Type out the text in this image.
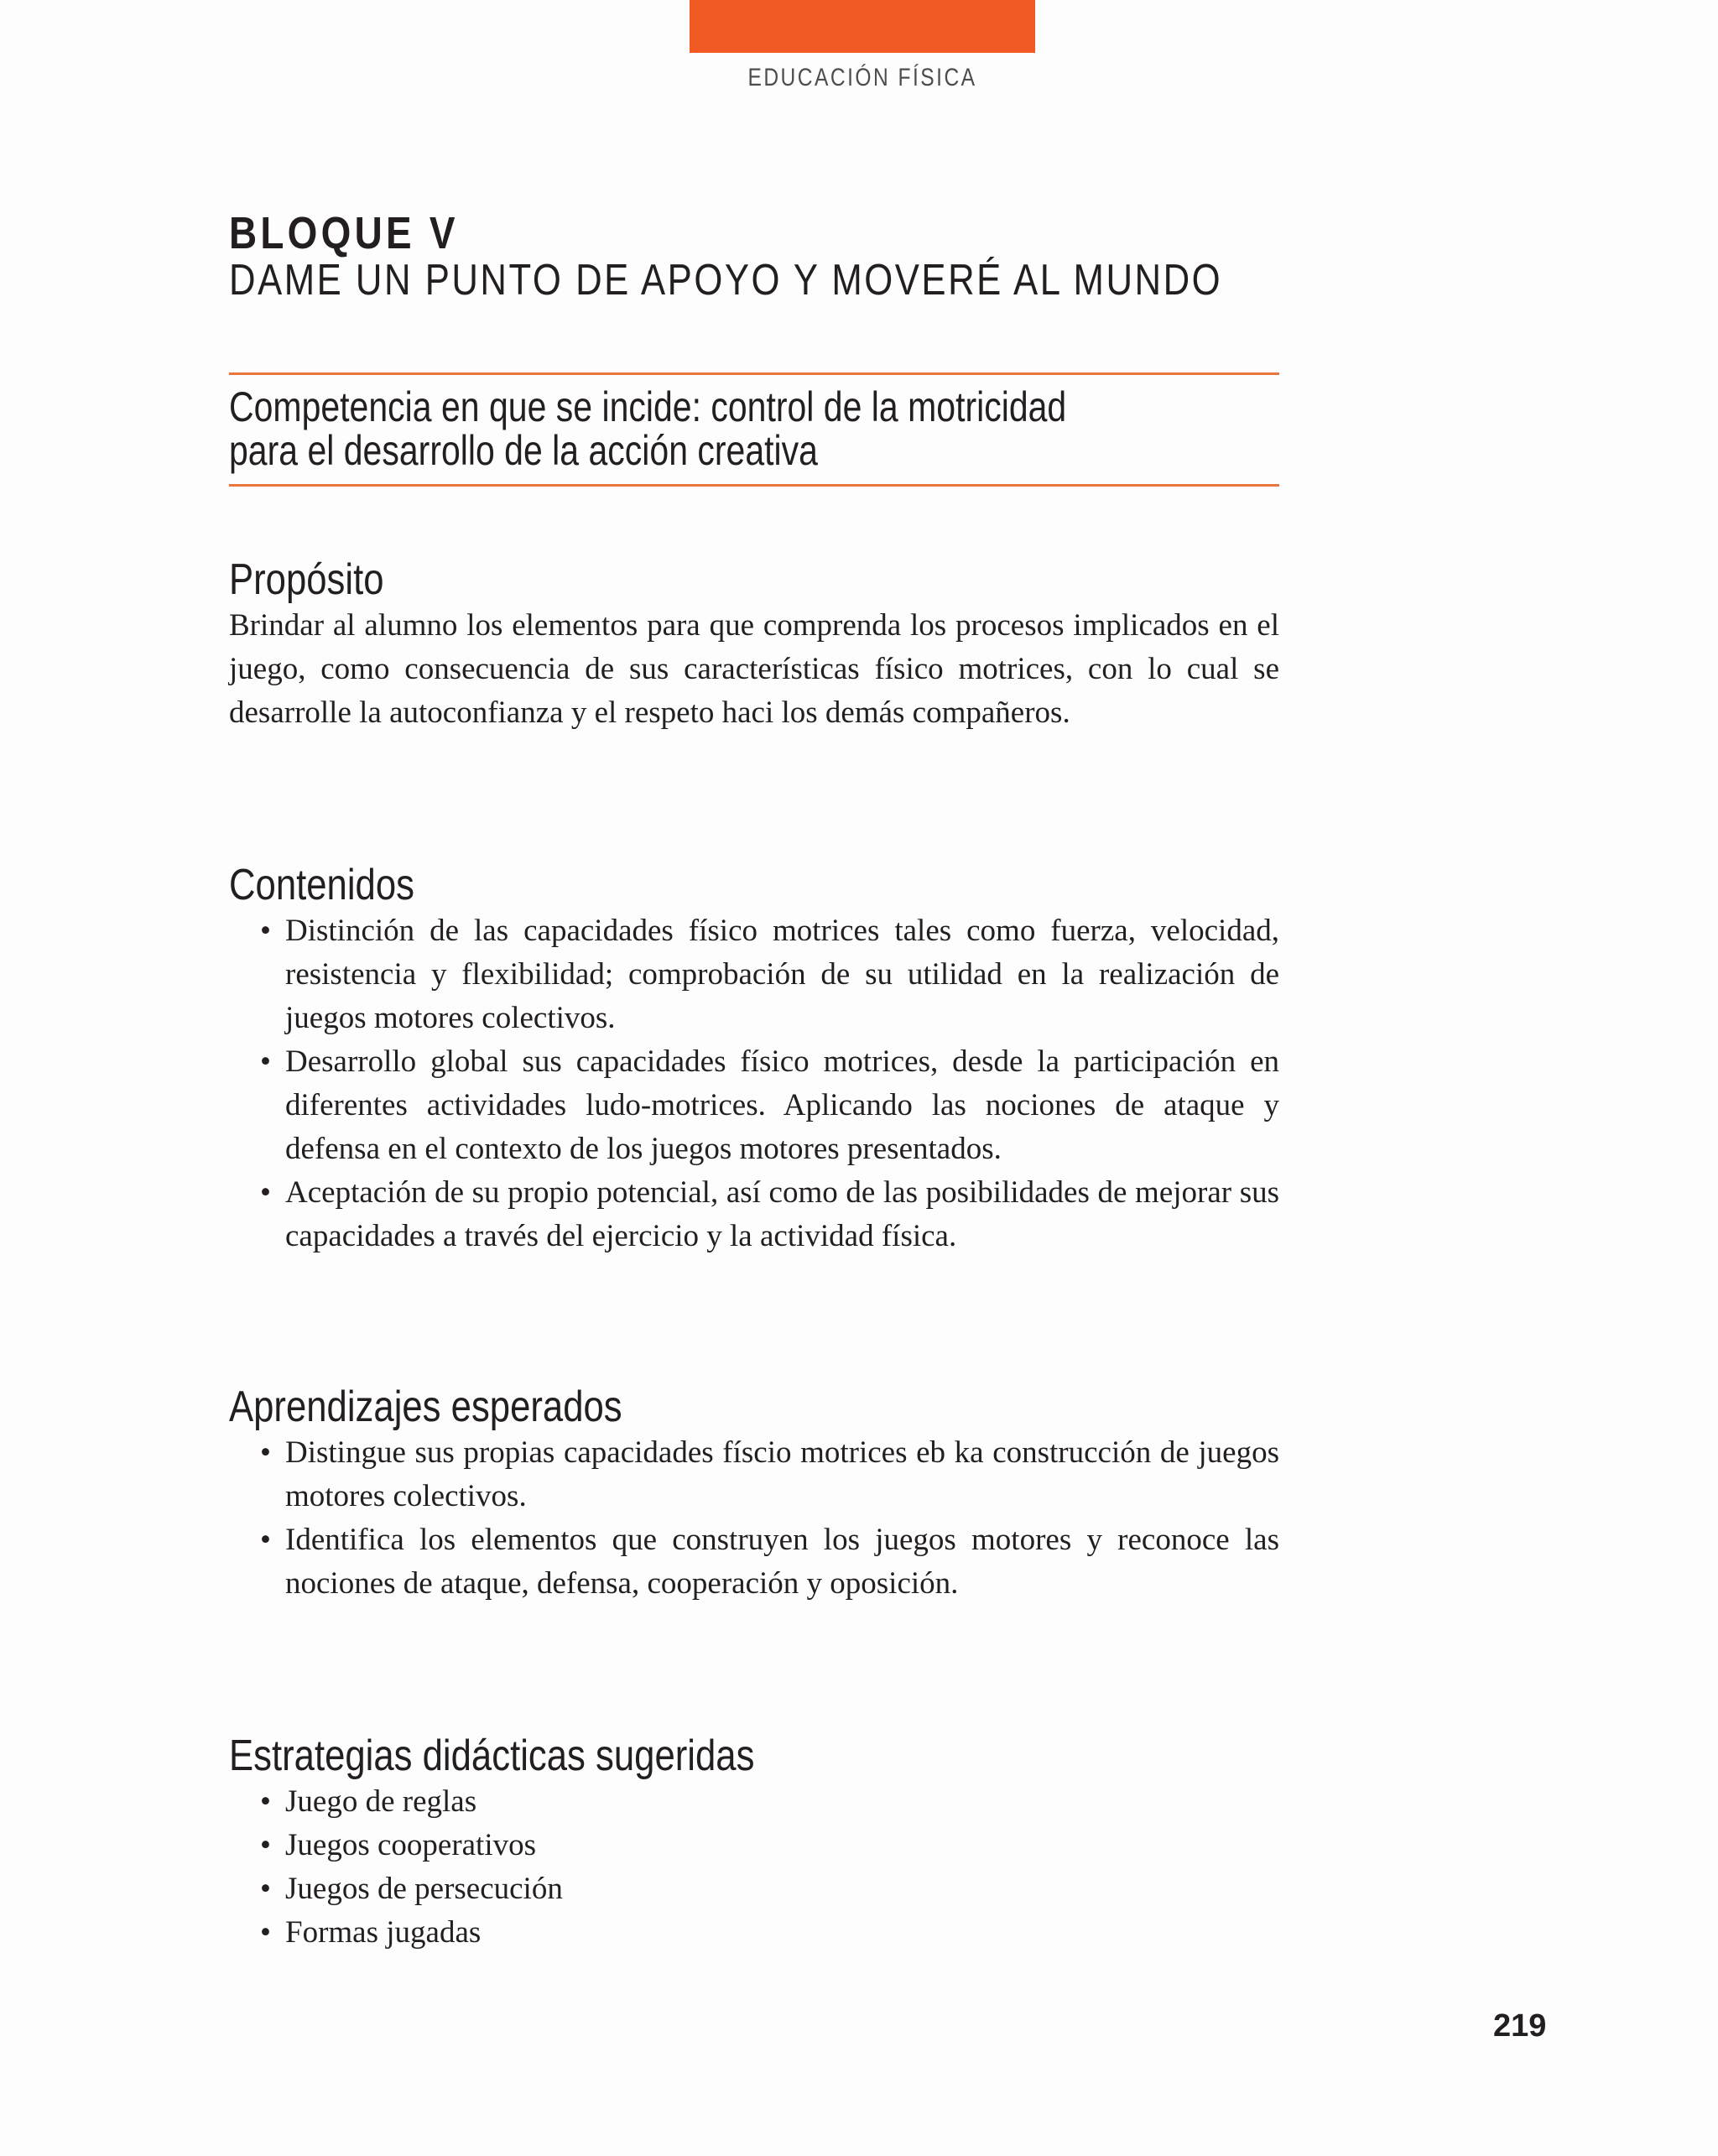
EDUCACIÓN FÍSICA
BLOQUE V
DAME UN PUNTO DE APOYO Y MOVERÉ AL MUNDO
Competencia en que se incide: control de la motricidad
para el desarrollo de la acción creativa
Propósito

Brindar al alumno los elementos para que comprenda los procesos implicados en el juego, como consecuencia de sus características físico motrices, con lo cual se desarrolle la autoconfianza y el respeto haci los demás compañeros.

Contenidos
• Distinción de las capacidades físico motrices tales como fuerza, velocidad, resistencia y flexibilidad; comprobación de su utilidad en la realización de juegos motores colectivos.
• Desarrollo global sus capacidades físico motrices, desde la participación en diferentes actividades ludo-motrices. Aplicando las nociones de ataque y defensa en el contexto de los juegos motores presentados.
• Aceptación de su propio potencial, así como de las posibilidades de mejorar sus capacidades a través del ejercicio y la actividad física.
Aprendizajes esperados
• Distingue sus propias capacidades físcio motrices eb ka construcción de juegos motores colectivos.
• Identifica los elementos que construyen los juegos motores y reconoce las nociones de ataque, defensa, cooperación y oposición.
Estrategias didácticas sugeridas
• Juego de reglas
• Juegos cooperativos
• Juegos de persecución
• Formas jugadas
219
